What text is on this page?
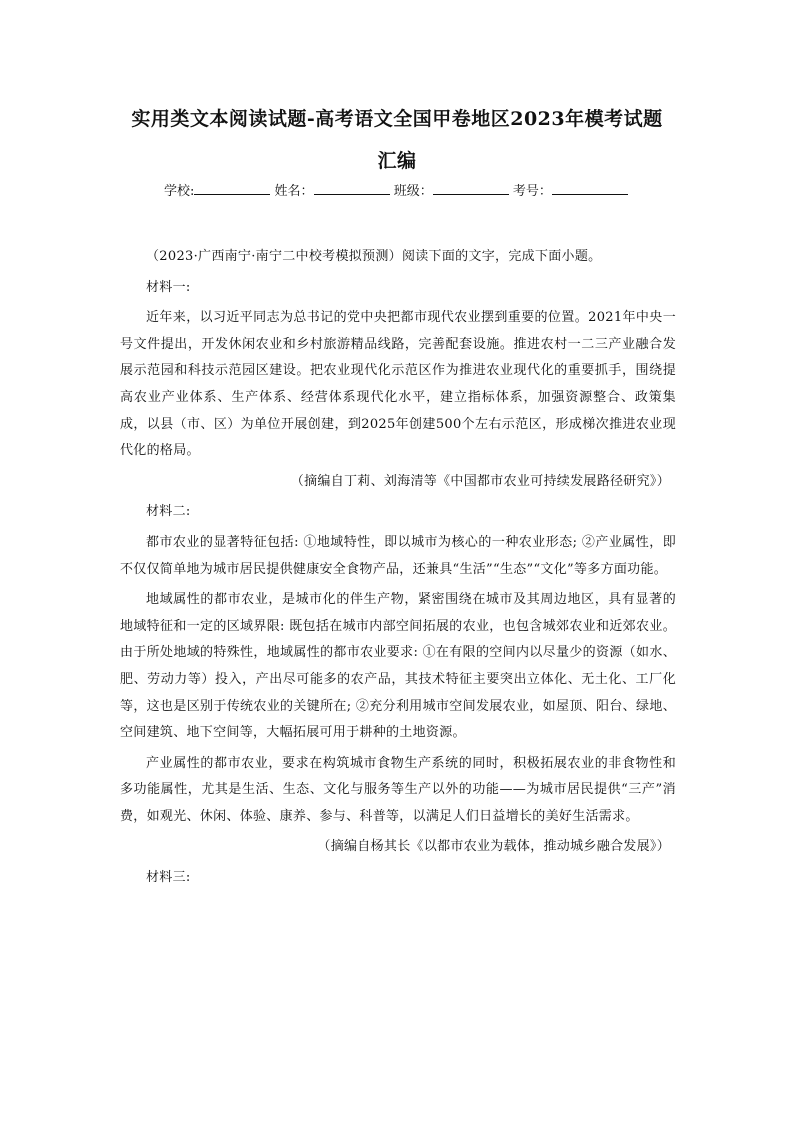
实用类文本阅读试题-高考语文全国甲卷地区2023年模考试题
汇编
学校:	姓名：	班级：	考号：

（2023·广西南宁·南宁二中校考模拟预测）阅读下面的文字，完成下面小题。

材料一:

近年来，以习近平同志为总书记的党中央把都市现代农业摆到重要的位置。2021年中央一号文件提出，开发休闲农业和乡村旅游精品线路，完善配套设施。推进农村一二三产业融合发展示范园和科技示范园区建设。把农业现代化示范区作为推进农业现代化的重要抓手，围绕提高农业产业体系、生产体系、经营体系现代化水平，建立指标体系，加强资源整合、政策集成，以县（市、区）为单位开展创建，到2025年创建500个左右示范区，形成梯次推进农业现代化的格局。

（摘编自丁莉、刘海清等《中国都市农业可持续发展路径研究》）

材料二:

都市农业的显著特征包括: ①地域特性，即以城市为核心的一种农业形态; ②产业属性，即不仅仅简单地为城市居民提供健康安全食物产品，还兼具“生活”“生态”“文化”等多方面功能。

地域属性的都市农业，是城市化的伴生产物，紧密围绕在城市及其周边地区，具有显著的地域特征和一定的区域界限: 既包括在城市内部空间拓展的农业，也包含城郊农业和近郊农业。由于所处地域的特殊性，地域属性的都市农业要求: ①在有限的空间内以尽量少的资源（如水、肥、劳动力等）投入，产出尽可能多的农产品，其技术特征主要突出立体化、无土化、工厂化等，这也是区别于传统农业的关键所在; ②充分利用城市空间发展农业，如屋顶、阳台、绿地、空间建筑、地下空间等，大幅拓展可用于耕种的土地资源。

产业属性的都市农业，要求在构筑城市食物生产系统的同时，积极拓展农业的非食物性和多功能属性，尤其是生活、生态、文化与服务等生产以外的功能——为城市居民提供“三产”消费，如观光、休闲、体验、康养、参与、科普等，以满足人们日益增长的美好生活需求。

（摘编自杨其长《以都市农业为载体，推动城乡融合发展》）

材料三:
